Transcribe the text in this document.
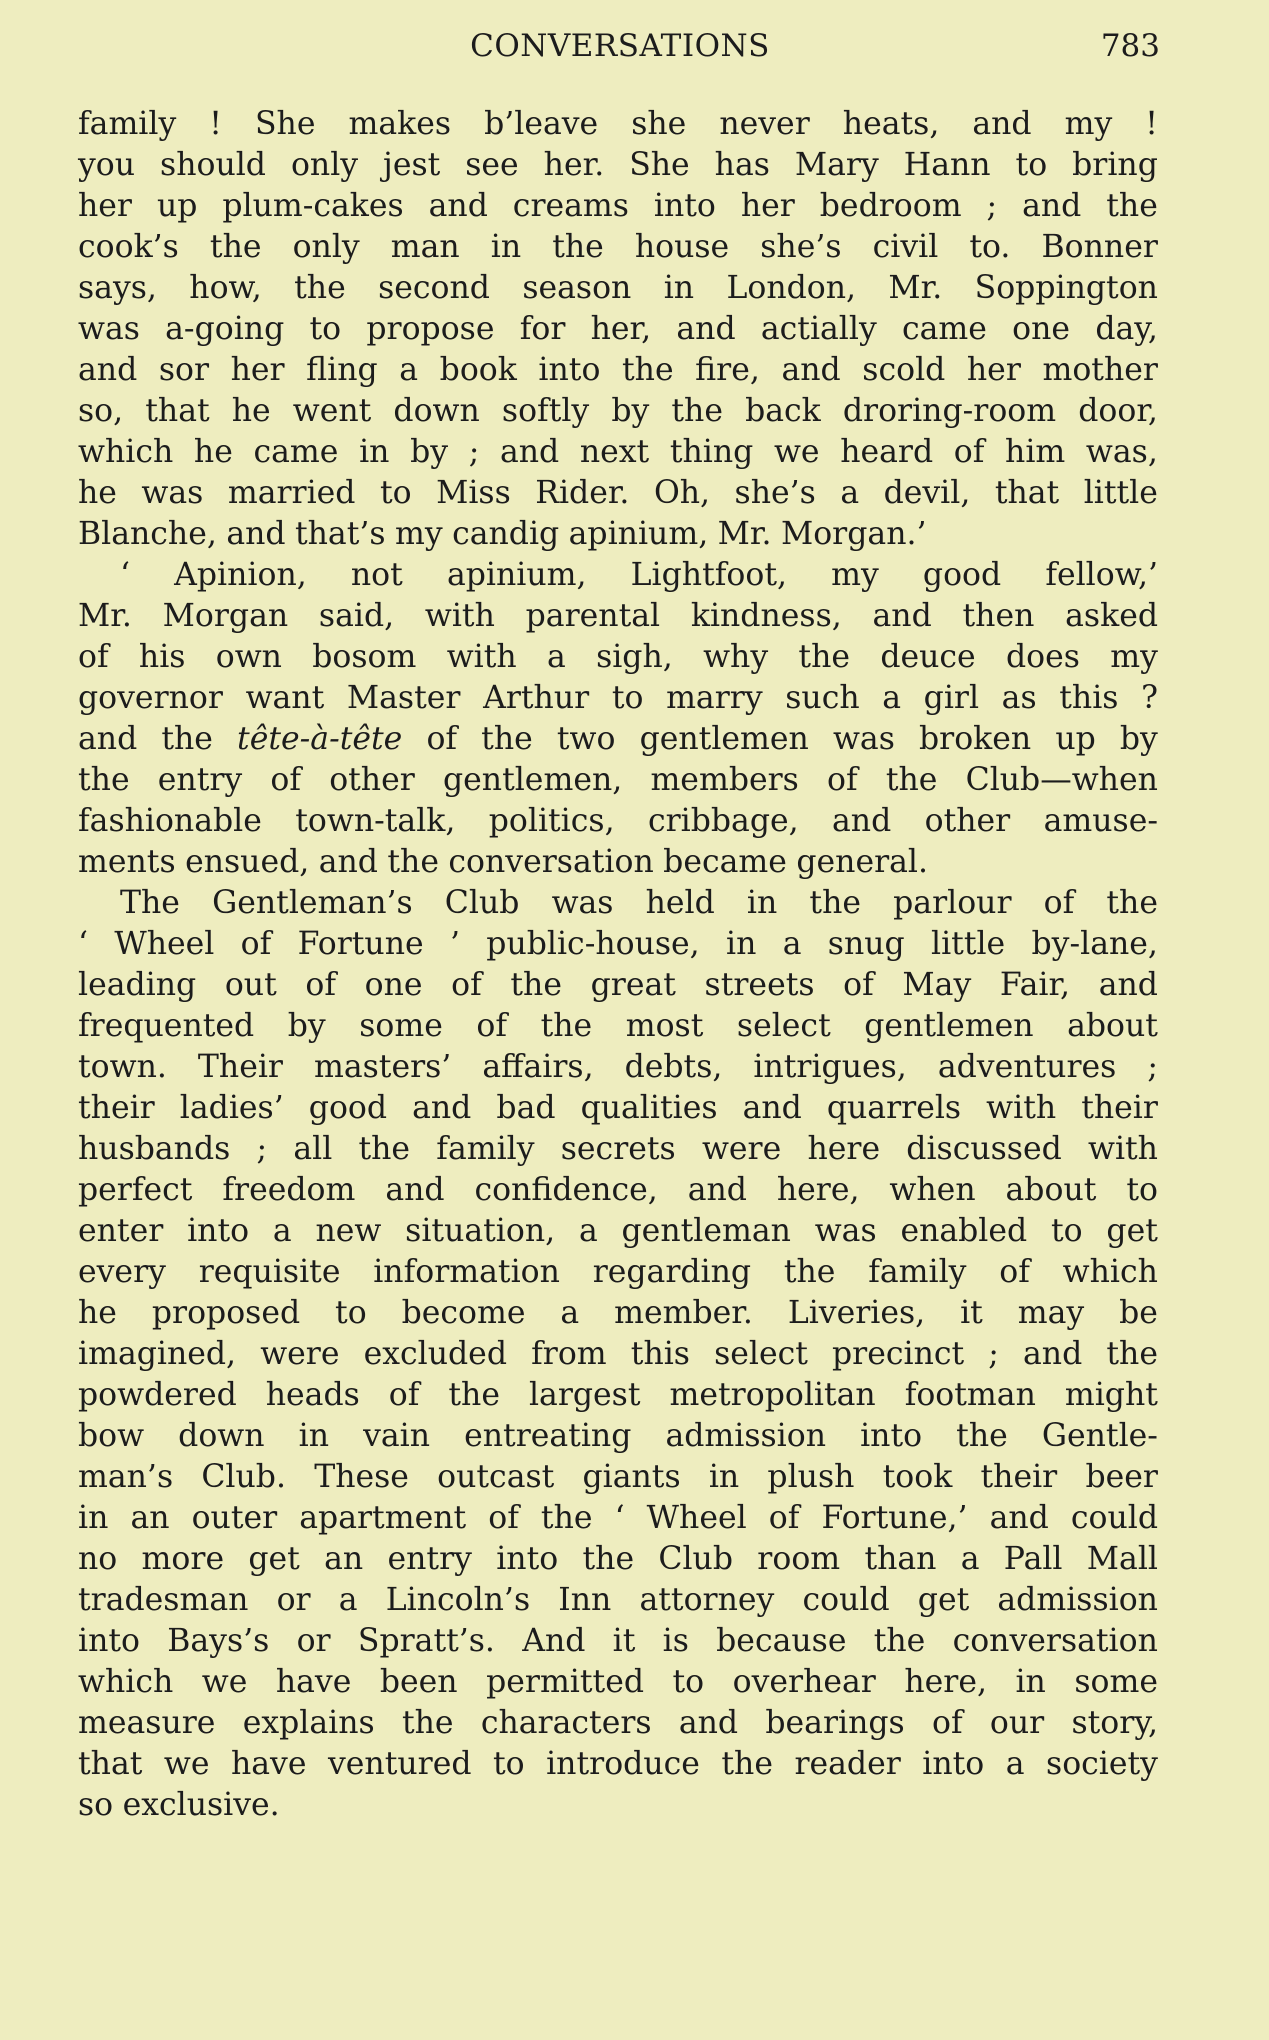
CONVERSATIONS	783
family ! She makes b’leave she never heats, and my !
you should only jest see her. She has Mary Hann to bring
her up plum-cakes and creams into her bedroom ; and the
cook’s the only man in the house she’s civil to. Bonner
says, how, the second season in London, Mr. Soppington
was a-going to propose for her, and actially came one day,
and sor her fling a book into the fire, and scold her mother
so, that he went down softly by the back droring-room door,
which he came in by ; and next thing we heard of him was,
he was married to Miss Rider. Oh, she’s a devil, that little
Blanche, and that’s my candig apinium, Mr. Morgan.’
‘ Apinion, not apinium, Lightfoot, my good fellow,’
Mr. Morgan said, with parental kindness, and then asked
of his own bosom with a sigh, why the deuce does my
governor want Master Arthur to marry such a girl as this ?
and the tête-à-tête of the two gentlemen was broken up by
the entry of other gentlemen, members of the Club—when
fashionable town-talk, politics, cribbage, and other amuse-
ments ensued, and the conversation became general.
The Gentleman’s Club was held in the parlour of the
‘ Wheel of Fortune ’ public-house, in a snug little by-lane,
leading out of one of the great streets of May Fair, and
frequented by some of the most select gentlemen about
town. Their masters’ affairs, debts, intrigues, adventures ;
their ladies’ good and bad qualities and quarrels with their
husbands ; all the family secrets were here discussed with
perfect freedom and confidence, and here, when about to
enter into a new situation, a gentleman was enabled to get
every requisite information regarding the family of which
he proposed to become a member. Liveries, it may be
imagined, were excluded from this select precinct ; and the
powdered heads of the largest metropolitan footman might
bow down in vain entreating admission into the Gentle-
man’s Club. These outcast giants in plush took their beer
in an outer apartment of the ‘ Wheel of Fortune,’ and could
no more get an entry into the Club room than a Pall Mall
tradesman or a Lincoln’s Inn attorney could get admission
into Bays’s or Spratt’s. And it is because the conversation
which we have been permitted to overhear here, in some
measure explains the characters and bearings of our story,
that we have ventured to introduce the reader into a society
so exclusive.
